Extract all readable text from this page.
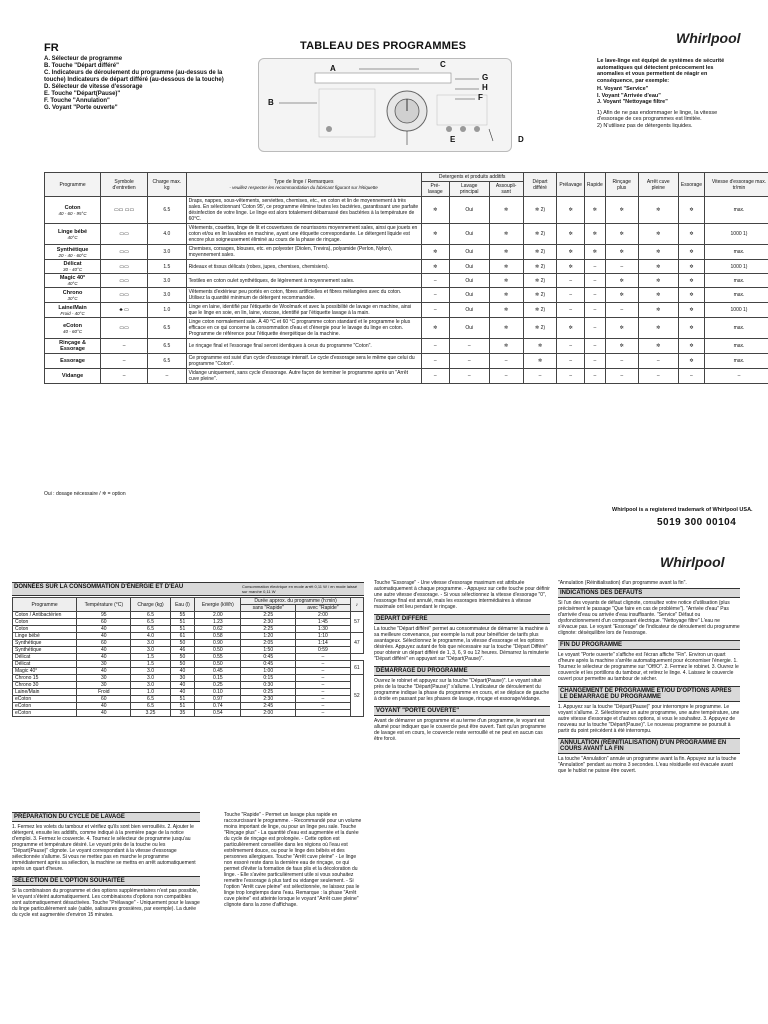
FR	TABLEAU DES PROGRAMMES	Whirlpool
A. Sélecteur de programme
B. Touche "Départ différé"
C. Indicateurs de déroulement du programme (au-dessus de la touche) Indicateurs de départ différé (au-dessous de la touche)
D. Sélecteur de vitesse d'essorage
E. Touche "Départ(Pause)"
F. Touche "Annulation"
G. Voyant "Porte ouverte"
B
A	C
G
H
F
E	D
Le lave-linge est équipé de systèmes de sécurité automatiques qui détectent précocement les anomalies et vous permettent de réagir en conséquence, par exemple:
H. Voyant "Service"
I. Voyant "Arrivée d'eau"
J. Voyant "Nettoyage filtre"
1) Afin de ne pas endommager le linge, la vitesse d'essorage de ces programmes est limitée.
2) N'utilisez pas de détergents liquides.
Programme	Symbole d'entretien	Charge max. kg	Type de linge / Remarques

- veuillez respecter les recommandation du fabricant figurant sur l'étiquette	Detergents et produits additifs			Départ différé	Prélavage	Rapide	Rinçage plus	Arrêt cuve pleine	Essorage	Vitesse d'essorage max. tr/min
				Pré-lavage	Lavage principal	Assoupli-sant							
Coton
40 - 60 - 95°C	▭▭ ▭▭	6.5	Draps, nappes, sous-vêtements, serviettes, chemises, etc., en coton et lin de moyennement à très sales. En sélectionnant 'Coton 95', ce programme élimine toutes les bactéries, garantissant une parfaite désinfection de votre linge. Le linge est alors totalement débarrassé des bactéries à la température de 60°C.	✲	Oui	✲	✲ 2)	✲	✲	✲	✲	✲	max.
Linge bébé
40°C	▭▭	4.0	Vêtements, couettes, linge de lit et couvertures de nourrissons moyennement sales, ainsi que jouets en coton et/ou en lin lavables en machine, ayant une étiquette correspondante. Le détergent liquide est encore plus soigneusement éliminé au cours de la phase de rinçage.	✲	Oui	✲	✲ 2)	✲	✲	✲	✲	✲	1000 1)
Synthétique
20 - 40 - 60°C	▭▭	3.0	Chemises, corsages, blouses, etc. en polyester (Diolen, Trevira), polyamide (Perlon, Nylon), moyennement sales.	✲	Oui	✲	✲ 2)	✲	✲	✲	✲	✲	max.
Délicat
30 - 40°C	▭▭	1.5	Rideaux et tissus délicats (robes, jupes, chemises, chemisiers).	✲	Oui	✲	✲ 2)	✲	–	–	✲	✲	1000 1)
Magic 40°
40°C	▭▭	3.0	Textiles en coton ou/et synthétiques, de légèrement à moyennement sales.	–	Oui	✲	✲ 2)	–	–	✲	✲	✲	max.
Chrono
30°C	▭▭	3.0	Vêtements d'extérieur peu portés en coton, fibres artificielles et fibres mélangées avec du coton. Utilisez la quantité minimum de détergent recommandée.	–	Oui	✲	✲ 2)	–	–	✲	✲	✲	max.
Laine/Main
Froid - 40°C	♣ ▭	1.0	Linge en laine, identifié par l'étiquette de Woolmark et avec la possibilité de lavage en machine, ainsi que le linge en soie, en lin, laine, viscose, identifié par l'étiquette lavage à la main.	–	Oui	✲	✲ 2)	–	–	–	✲	✲	1000 1)
eCoton
40 - 60°C	▭▭	6.5	Linge coton normalement sale. À 40 °C et 60 °C programme coton standard et le programme le plus efficace en ce qui concerne la consommation d'eau et d'énergie pour le lavage du linge en coton. Programme de référence pour l'étiquette énergétique de la machine.	✲	Oui	✲	✲ 2)	✲	–	✲	✲	✲	max.
Rinçage & Essorage	–	6.5	Le rinçage final et l'essorage final seront identiques à ceux du programme "Coton".	–	–	✲	✲	–	–	✲	✲	✲	max.
Essorage	–	6.5	Ce programme est suivi d'un cycle d'essorage intensif. Le cycle d'essorage sera le même que celui du programme "Coton".	–	–	–	✲	–	–	–	–	✲	max.
Vidange	–	–	Vidange uniquement, sans cycle d'essorage. Autre façon de terminer le programme après un "Arrêt cuve pleine".	–	–	–	–	–	–	–	–	–	–
Oui : dosage nécessaire / ✲ = option
Whirlpool is a registered trademark of Whirlpool USA.
5019 300 00104
Whirlpool
DONNÉES SUR LA CONSOMMATION D'ÉNERGIE ET D'EAU	Consommation électrique en mode arrêt 0,11 W / en mode laissé sur marche 0,11 W
Programme	Température (°C)	Charge (kg)	Eau (l)	Energie (kWh)	Durée approx. du programme (h:min)		♪
					sans "Rapide"	avec "Rapide"	
Coton / Antibactérien	95	6.5	55	2.00	2:25	2:00	57
Coton	60	6.5	51	1.23	2:30	1:45	
Coton	40	6.5	51	0.62	2:25	1:30	
Linge bébé	40	4.0	61	0.58	1:20	1:10	47
Synthétique	60	3.0	50	0.90	2:05	1:14	
Synthétique	40	3.0	46	0.50	1:50	0:59	
Délicat	40	1.5	50	0.55	0:45	–	
Délicat	30	1.5	50	0.50	0:45	–	61
Magic 40°	40	3.0	40	0.45	1:00	–	
Chrono 15	30	3.0	30	0.15	0:15	–	52
Chrono 30	30	3.0	40	0.25	0:30	–	
Laine/Main	Froid	1.0	40	0.10	0:25	–	
eCoton	60	6.5	51	0.97	2:30	–	
eCoton	40	6.5	51	0.74	2:45	–	
eCoton	40	3.25	35	0.54	2:00	–	
PRÉPARATION DU CYCLE DE LAVAGE
1. Fermez les volets du tambour et vérifiez qu'ils sont bien verrouillés. 2. Ajouter le détergent, ensuite les additifs, comme indiqué à la première page de la notice d'emploi. 3. Fermez le couvercle. 4. Tournez le sélecteur de programme jusqu'au programme et température désiré. Le voyant près de la touche ou les "Départ(Pause)" clignote. Le voyant correspondant à la vitesse d'essorage sélectionnée s'allume. Si vous ne mettez pas en marche le programme immédiatement après sa sélection, la machine se mettra en arrêt automatiquement après un quart d'heure.
SÉLECTION DE L'OPTION SOUHAITÉE
Si la combinaison du programme et des options supplémentaires n'est pas possible, le voyant s'éteint automatiquement. Les combinaisons d'options non compatibles sont automatiquement désactivées. Touche "Prélavage" - Uniquement pour le lavage du linge particulièrement sale (sable, salissures grossières, par exemple). La durée du cycle est augmentée d'environ 15 minutes.
Touche "Rapide" - Permet un lavage plus rapide en raccourcissant le programme. - Recommandé pour un volume moins important de linge, ou pour un linge peu sale. Touche "Rinçage plus" - La quantité d'eau est augmentée et la durée du cycle de rinçage est prolongée. - Cette option est particulièrement conseillée dans les régions où l'eau est extrêmement douce, ou pour le linge des bébés et des personnes allergiques. Touche "Arrêt cuve pleine" - Le linge non essoré reste dans la dernière eau de rinçage, ce qui permet d'éviter la formation de faux plis et la décoloration du linge. - Elle s'avère particulièrement utile si vous souhaitez remettre l'essorage à plus tard ou vidanger seulement. - Si l'option "Arrêt cuve pleine" est sélectionnée, ne laissez pas le linge trop longtemps dans l'eau. Remarque : la phase "Arrêt cuve pleine" est atteinte lorsque le voyant "Arrêt cuve pleine" clignote dans la zone d'affichage.
Touche "Essorage" - Une vitesse d'essorage maximum est attribuée automatiquement à chaque programme. - Appuyez sur cette touche pour définir une autre vitesse d'essorage. - Si vous sélectionnez la vitesse d'essorage "0", l'essorage final est annulé, mais les essorages intermédiaires à vitesse maximale ont lieu pendant le rinçage.
DEPART DIFFERE
La touche "Départ différé" permet au consommateur de démarrer la machine à sa meilleure convenance, par exemple la nuit pour bénéficier de tarifs plus avantageux. Sélectionnez le programme, la vitesse d'essorage et les options désirées. Appuyez autant de fois que nécessaire sur la touche "Départ Différé" pour obtenir un départ différé de 1, 3, 6, 9 ou 12 heures. Démarrez la minuterie "Départ différé" en appuyant sur "Départ(Pause)".
DÉMARRAGE DU PROGRAMME
Ouvrez le robinet et appuyez sur la touche "Départ(Pause)". Le voyant situé près de la touche "Départ(Pause)" s'allume. L'indicateur de déroulement du programme indique la phase du programme en cours, et se déplace de gauche à droite en passant par les phases de lavage, rinçage et essorage/vidange.
VOYANT "PORTE OUVERTE"
Avant de démarrer un programme et au terme d'un programme, le voyant est allumé pour indiquer que le couvercle peut être ouvert. Tant qu'un programme de lavage est en cours, le couvercle reste verrouillé et ne peut en aucun cas être forcé.
"Annulation (Réinitialisation) d'un programme avant la fin".
INDICATIONS DES DEFAUTS
Si l'un des voyants de défaut clignote, consultez votre notice d'utilisation (plus précisément le passage "Que faire en cas de problème"). "Arrivée d'eau" Pas d'arrivée d'eau ou arrivée d'eau insuffisante. "Service" Défaut ou dysfonctionnement d'un composant électrique. "Nettoyage filtre" L'eau ne s'évacue pas. Le voyant "Essorage" de l'indicateur de déroulement du programme clignote: déséquilibre lors de l'essorage.
FIN DU PROGRAMME
Le voyant "Porte ouverte" s'affiche est l'écran affiche "Fin". Environ un quart d'heure après la machine s'arrête automatiquement pour économiser l'énergie. 1. Tournez le sélecteur de programme sur "Off/O". 2. Fermez le robinet. 3. Ouvrez le couvercle et les portillons du tambour, et retirez le linge. 4. Laissez le couvercle ouvert pour permettre au tambour de sécher.
CHANGEMENT DE PROGRAMME ET/OU D'OPTIONS APRES LE DEMARRAGE DU PROGRAMME
1. Appuyez sur la touche "Départ(Pause)" pour interrompre le programme. Le voyant s'allume. 2. Sélectionnez un autre programme, une autre température, une autre vitesse d'essorage et d'autres options, si vous le souhaitez. 3. Appuyez de nouveau sur la touche "Départ(Pause)". Le nouveau programme se poursuit à partir du point précédent à été interrompu.
ANNULATION (RÉINITIALISATION) D'UN PROGRAMME EN COURS AVANT LA FIN
La touche "Annulation" annule un programme avant la fin. Appuyez sur la touche "Annulation" pendant au moins 3 secondes. L'eau résiduelle est évacuée avant que le hublot ne puisse être ouvert.
